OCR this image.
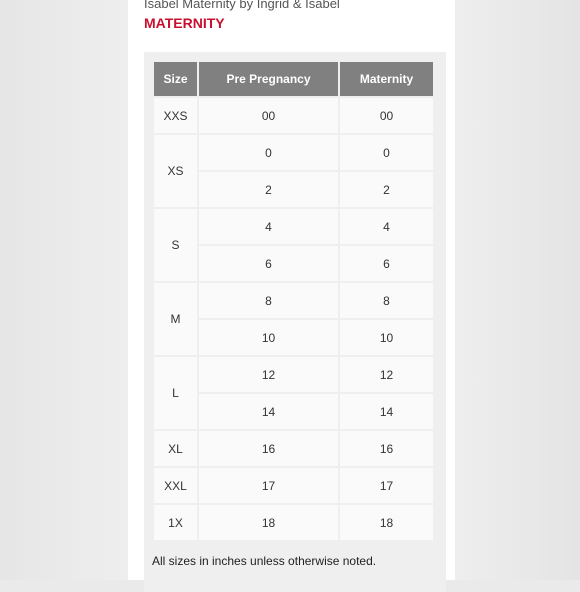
Isabel Maternity by Ingrid & Isabel
MATERNITY
Size	Pre Pregnancy	Maternity
XXS	00	00
XS	0	0
	2	2
S	4	4
	6	6
M	8	8
	10	10
L	12	12
	14	14
XL	16	16
XXL	17	17
1X	18	18
All sizes in inches unless otherwise noted.
